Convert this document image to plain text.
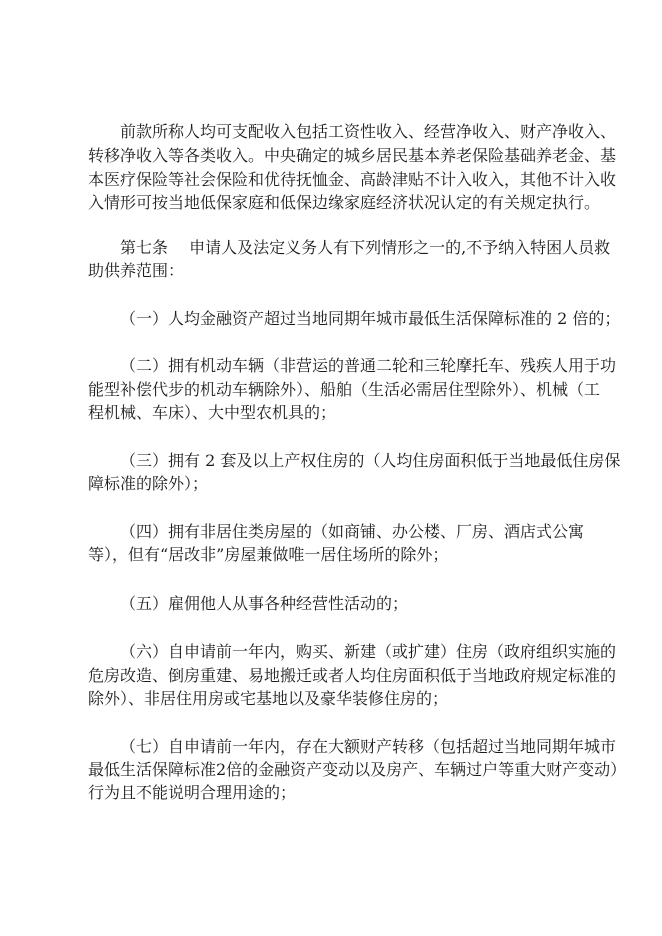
前款所称人均可支配收入包括工资性收入、经营净收入、财产净收入、
转移净收入等各类收入。中央确定的城乡居民基本养老保险基础养老金、基
本医疗保险等社会保险和优待抚恤金、高龄津贴不计入收入，其他不计入收
入情形可按当地低保家庭和低保边缘家庭经济状况认定的有关规定执行。
第七条　 申请人及法定义务人有下列情形之一的,不予纳入特困人员救
助供养范围：
（一）人均金融资产超过当地同期年城市最低生活保障标准的 2 倍的；
（二）拥有机动车辆（非营运的普通二轮和三轮摩托车、残疾人用于功
能型补偿代步的机动车辆除外）、船舶（生活必需居住型除外）、机械（工
程机械、车床）、大中型农机具的；
（三）拥有 2 套及以上产权住房的（人均住房面积低于当地最低住房保
障标准的除外）；
（四）拥有非居住类房屋的（如商铺、办公楼、厂房、酒店式公寓
等），但有“居改非”房屋兼做唯一居住场所的除外；
（五）雇佣他人从事各种经营性活动的；
（六）自申请前一年内，购买、新建（或扩建）住房（政府组织实施的
危房改造、倒房重建、易地搬迁或者人均住房面积低于当地政府规定标准的
除外）、非居住用房或宅基地以及豪华装修住房的；
（七）自申请前一年内，存在大额财产转移（包括超过当地同期年城市
最低生活保障标准2倍的金融资产变动以及房产、车辆过户等重大财产变动）
行为且不能说明合理用途的；
